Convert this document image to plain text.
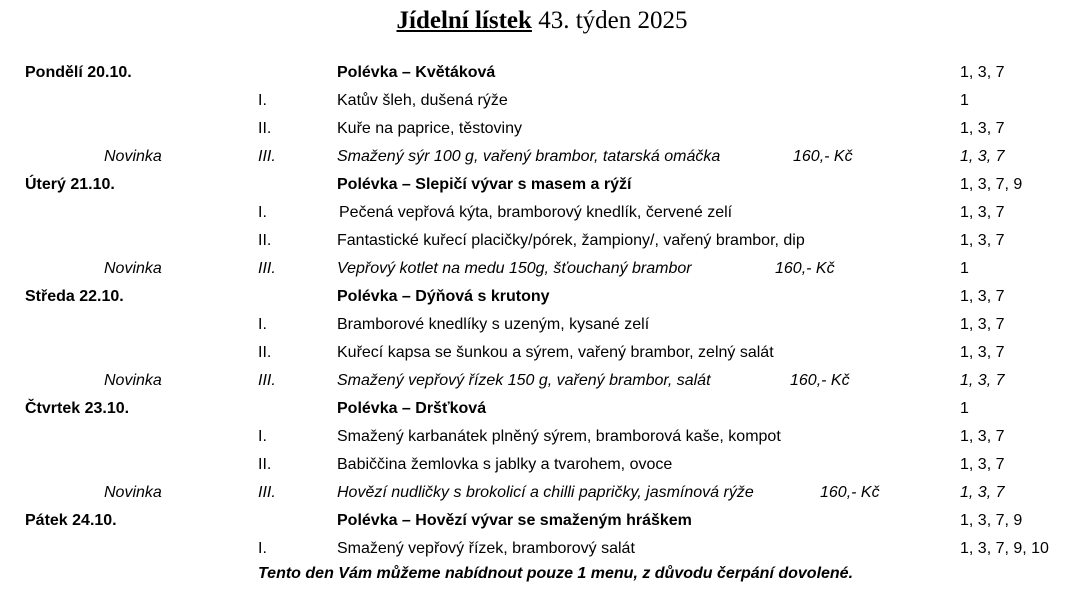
Jídelní lístek 43. týden 2025
Pondělí 20.10.	Polévka – Květáková	1, 3, 7
I.	Katův šleh, dušená rýže	1
II.	Kuře na paprice, těstoviny	1, 3, 7
Novinka	III.	Smažený sýr 100 g, vařený brambor, tatarská omáčka	160,- Kč	1, 3, 7
Úterý 21.10.	Polévka – Slepičí vývar s masem a rýží	1, 3, 7, 9
I.	Pečená vepřová kýta, bramborový knedlík, červené zelí	1, 3, 7
II.	Fantastické kuřecí placičky/pórek, žampiony/, vařený brambor, dip	1, 3, 7
Novinka	III.	Vepřový kotlet na medu 150g, šťouchaný brambor	160,- Kč	1
Středa 22.10.	Polévka – Dýňová s krutony	1, 3, 7
I.	Bramborové knedlíky s uzeným, kysané zelí	1, 3, 7
II.	Kuřecí kapsa se šunkou a sýrem, vařený brambor, zelný salát	1, 3, 7
Novinka	III.	Smažený vepřový řízek 150 g, vařený brambor, salát	160,- Kč	1, 3, 7
Čtvrtek 23.10.	Polévka – Dršťková	1
I.	Smažený karbanátek plněný sýrem, bramborová kaše, kompot	1, 3, 7
II.	Babiččina žemlovka s jablky a tvarohem, ovoce	1, 3, 7
Novinka	III.	Hovězí nudličky s brokolicí a chilli papričky, jasmínová rýže	160,- Kč	1, 3, 7
Pátek 24.10.	Polévka – Hovězí vývar se smaženým hráškem	1, 3, 7, 9
I.	Smažený vepřový řízek, bramborový salát	1, 3, 7, 9, 10
Tento den Vám můžeme nabídnout pouze 1 menu, z důvodu čerpání dovolené.
